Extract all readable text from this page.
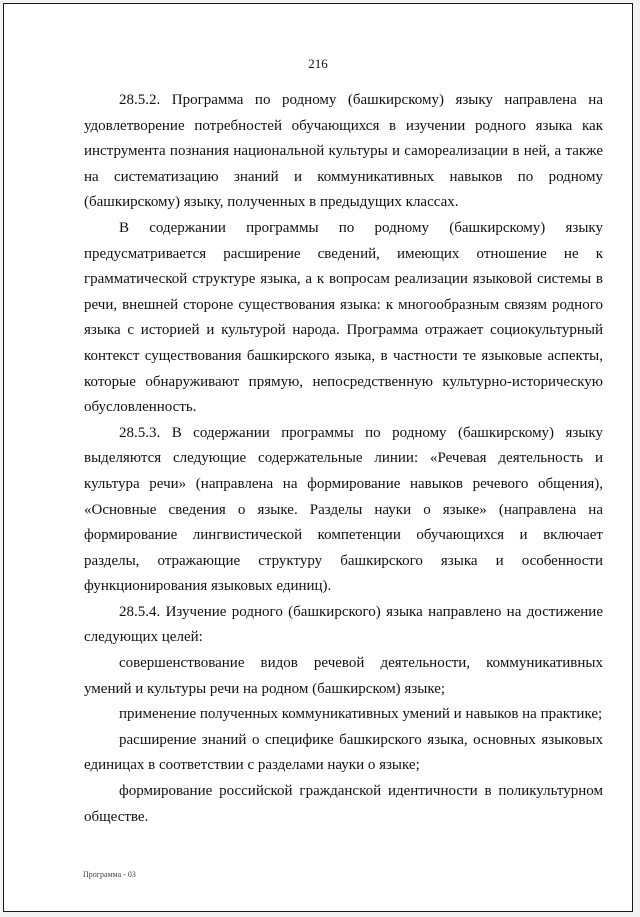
216

28.5.2. Программа по родному (башкирскому) языку направлена на удовлетворение потребностей обучающихся в изучении родного языка как инструмента познания национальной культуры и самореализации в ней, а также на систематизацию знаний и коммуникативных навыков по родному (башкирскому) языку, полученных в предыдущих классах.

В содержании программы по родному (башкирскому) языку предусматривается расширение сведений, имеющих отношение не к грамматической структуре языка, а к вопросам реализации языковой системы в речи, внешней стороне существования языка: к многообразным связям родного языка с историей и культурой народа. Программа отражает социокультурный контекст существования башкирского языка, в частности те языковые аспекты, которые обнаруживают прямую, непосредственную культурно-историческую обусловленность.

28.5.3. В содержании программы по родному (башкирскому) языку выделяются следующие содержательные линии: «Речевая деятельность и культура речи» (направлена на формирование навыков речевого общения), «Основные сведения о языке. Разделы науки о языке» (направлена на формирование лингвистической компетенции обучающихся и включает разделы, отражающие структуру башкирского языка и особенности функционирования языковых единиц).

28.5.4. Изучение родного (башкирского) языка направлено на достижение следующих целей:

совершенствование видов речевой деятельности, коммуникативных умений и культуры речи на родном (башкирском) языке;

применение полученных коммуникативных умений и навыков на практике;

расширение знаний о специфике башкирского языка, основных языковых единицах в соответствии с разделами науки о языке;

формирование российской гражданской идентичности в поликультурном обществе.

Программа - 03
